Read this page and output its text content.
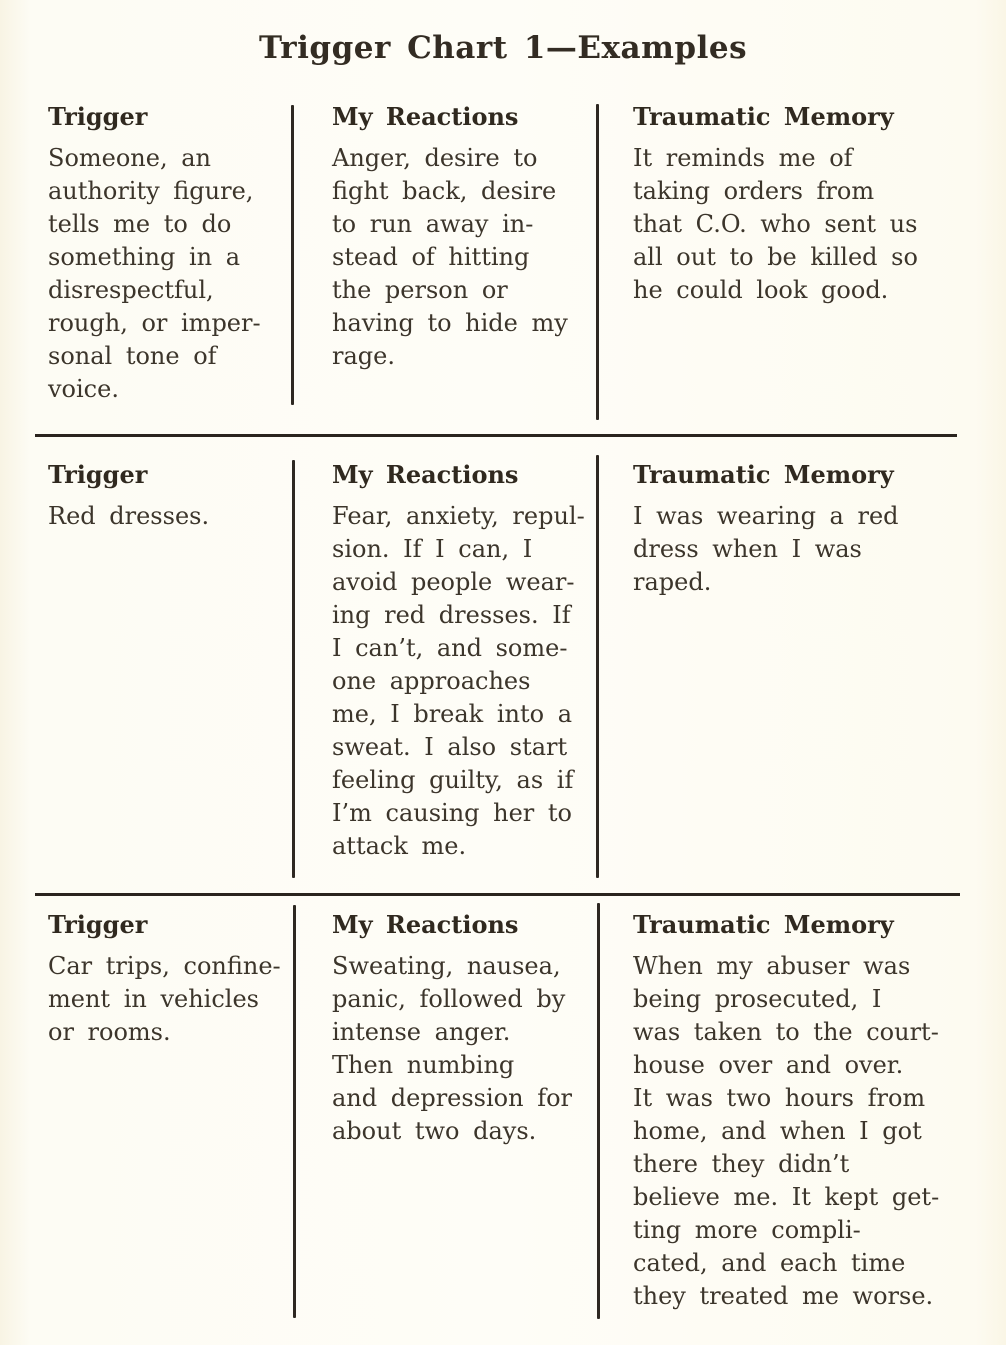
Trigger Chart 1—Examples
Trigger
Someone, an
authority figure,
tells me to do
something in a
disrespectful,
rough, or imper-
sonal tone of
voice.
My Reactions
Anger, desire to
fight back, desire
to run away in-
stead of hitting
the person or
having to hide my
rage.
Traumatic Memory
It reminds me of
taking orders from
that C.O. who sent us
all out to be killed so
he could look good.
Trigger
Red dresses.
My Reactions
Fear, anxiety, repul-
sion. If I can, I
avoid people wear-
ing red dresses. If
I can’t, and some-
one approaches
me, I break into a
sweat. I also start
feeling guilty, as if
I’m causing her to
attack me.
Traumatic Memory
I was wearing a red
dress when I was
raped.
Trigger
Car trips, confine-
ment in vehicles
or rooms.
My Reactions
Sweating, nausea,
panic, followed by
intense anger.
Then numbing
and depression for
about two days.
Traumatic Memory
When my abuser was
being prosecuted, I
was taken to the court-
house over and over.
It was two hours from
home, and when I got
there they didn’t
believe me. It kept get-
ting more compli-
cated, and each time
they treated me worse.
